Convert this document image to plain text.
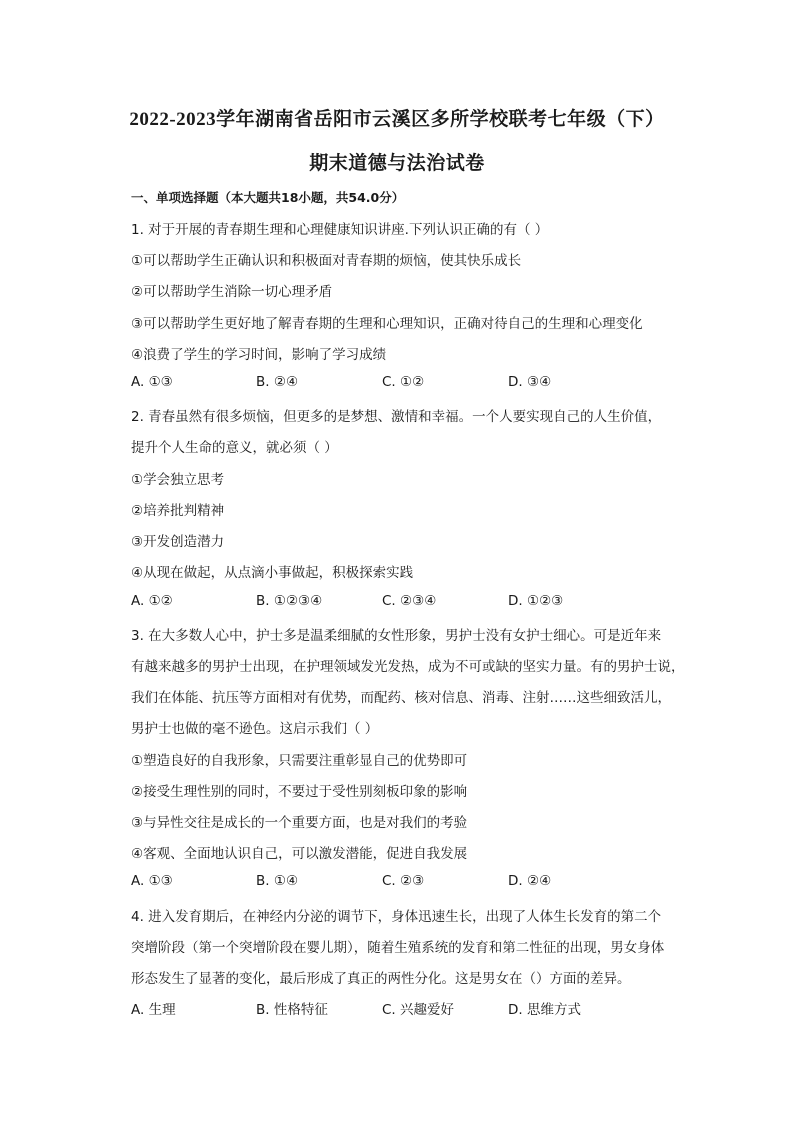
2022-2023学年湖南省岳阳市云溪区多所学校联考七年级（下）
期末道德与法治试卷
一、单项选择题（本大题共18小题，共54.0分）
1. 对于开展的青春期生理和心理健康知识讲座.下列认识正确的有（ ）
①可以帮助学生正确认识和积极面对青春期的烦恼，使其快乐成长
②可以帮助学生消除一切心理矛盾
③可以帮助学生更好地了解青春期的生理和心理知识，正确对待自己的生理和心理变化
④浪费了学生的学习时间，影响了学习成绩
A. ①③	B. ②④	C. ①②	D. ③④
2. 青春虽然有很多烦恼，但更多的是梦想、激情和幸福。一个人要实现自己的人生价值，
提升个人生命的意义，就必须（ ）
①学会独立思考
②培养批判精神
③开发创造潜力
④从现在做起，从点滴小事做起，积极探索实践
A. ①②	B. ①②③④	C. ②③④	D. ①②③
3. 在大多数人心中，护士多是温柔细腻的女性形象，男护士没有女护士细心。可是近年来
有越来越多的男护士出现，在护理领域发光发热，成为不可或缺的坚实力量。有的男护士说，
我们在体能、抗压等方面相对有优势，而配药、核对信息、消毒、注射……这些细致活儿，
男护士也做的毫不逊色。这启示我们（ ）
①塑造良好的自我形象，只需要注重彰显自己的优势即可
②接受生理性别的同时，不要过于受性别刻板印象的影响
③与异性交往是成长的一个重要方面，也是对我们的考验
④客观、全面地认识自己，可以激发潜能，促进自我发展
A. ①③	B. ①④	C. ②③	D. ②④
4. 进入发育期后，在神经内分泌的调节下，身体迅速生长，出现了人体生长发育的第二个
突增阶段（第一个突增阶段在婴儿期），随着生殖系统的发育和第二性征的出现，男女身体
形态发生了显著的变化，最后形成了真正的两性分化。这是男女在（）方面的差异。
A. 生理	B. 性格特征	C. 兴趣爱好	D. 思维方式
